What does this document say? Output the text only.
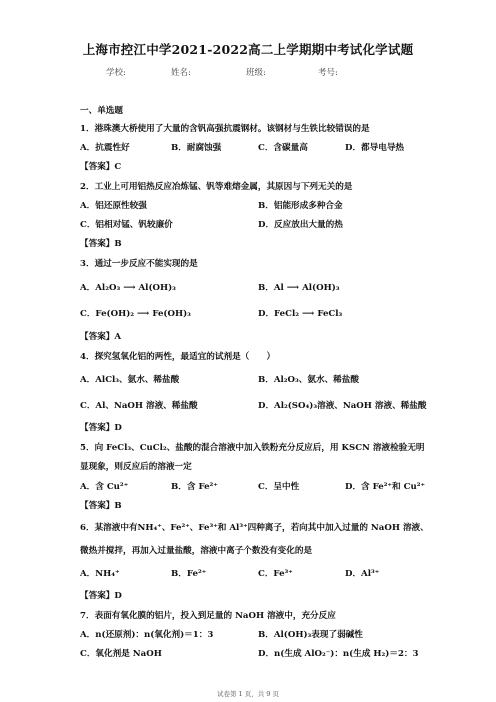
上海市控江中学2021-2022高二上学期期中考试化学试题
学校:	姓名:	班级:	考号:
一、单选题
1．港珠澳大桥使用了大量的含钒高强抗震钢材。该钢材与生铁比较错误的是
A．抗震性好	B．耐腐蚀强	C．含碳量高	D．都导电导热
【答案】C
2．工业上可用铝热反应冶炼锰、钒等难熔金属，其原因与下列无关的是
A．铝还原性较强	B．铝能形成多种合金
C．铝相对锰、钒较廉价	D．反应放出大量的热
【答案】B
3．通过一步反应不能实现的是
A．Al₂O₃ ⟶ Al(OH)₃	B．Al ⟶ Al(OH)₃
C．Fe(OH)₂ ⟶ Fe(OH)₃	D．FeCl₂ ⟶ FeCl₃
【答案】A
4．探究氢氧化铝的两性，最适宜的试剂是（　　）
A．AlCl₃、氨水、稀盐酸	B．Al₂O₃、氨水、稀盐酸
C．Al、NaOH 溶液、稀盐酸	D．Al₂(SO₄)₃溶液、NaOH 溶液、稀盐酸
【答案】D
5．向 FeCl₃、CuCl₂、盐酸的混合溶液中加入铁粉充分反应后，用 KSCN 溶液检验无明
显现象，则反应后的溶液一定
A．含 Cu²⁺	B．含 Fe²⁺	C．呈中性	D．含 Fe²⁺和 Cu²⁺
【答案】B
6．某溶液中有NH₄⁺、Fe²⁺、Fe³⁺和 Al³⁺四种离子，若向其中加入过量的 NaOH 溶液、
微热并搅拌，再加入过量盐酸，溶液中离子个数没有变化的是
A．NH₄⁺	B．Fe²⁺	C．Fe³⁺	D．Al³⁺
【答案】D
7．表面有氧化膜的铝片，投入到足量的 NaOH 溶液中，充分反应
A．n(还原剂)：n(氧化剂)＝1：3	B．Al(OH)₃表现了弱碱性
C．氧化剂是 NaOH	D．n(生成 AlO₂⁻)：n(生成 H₂)＝2：3
试卷第 1 页，共 9 页
